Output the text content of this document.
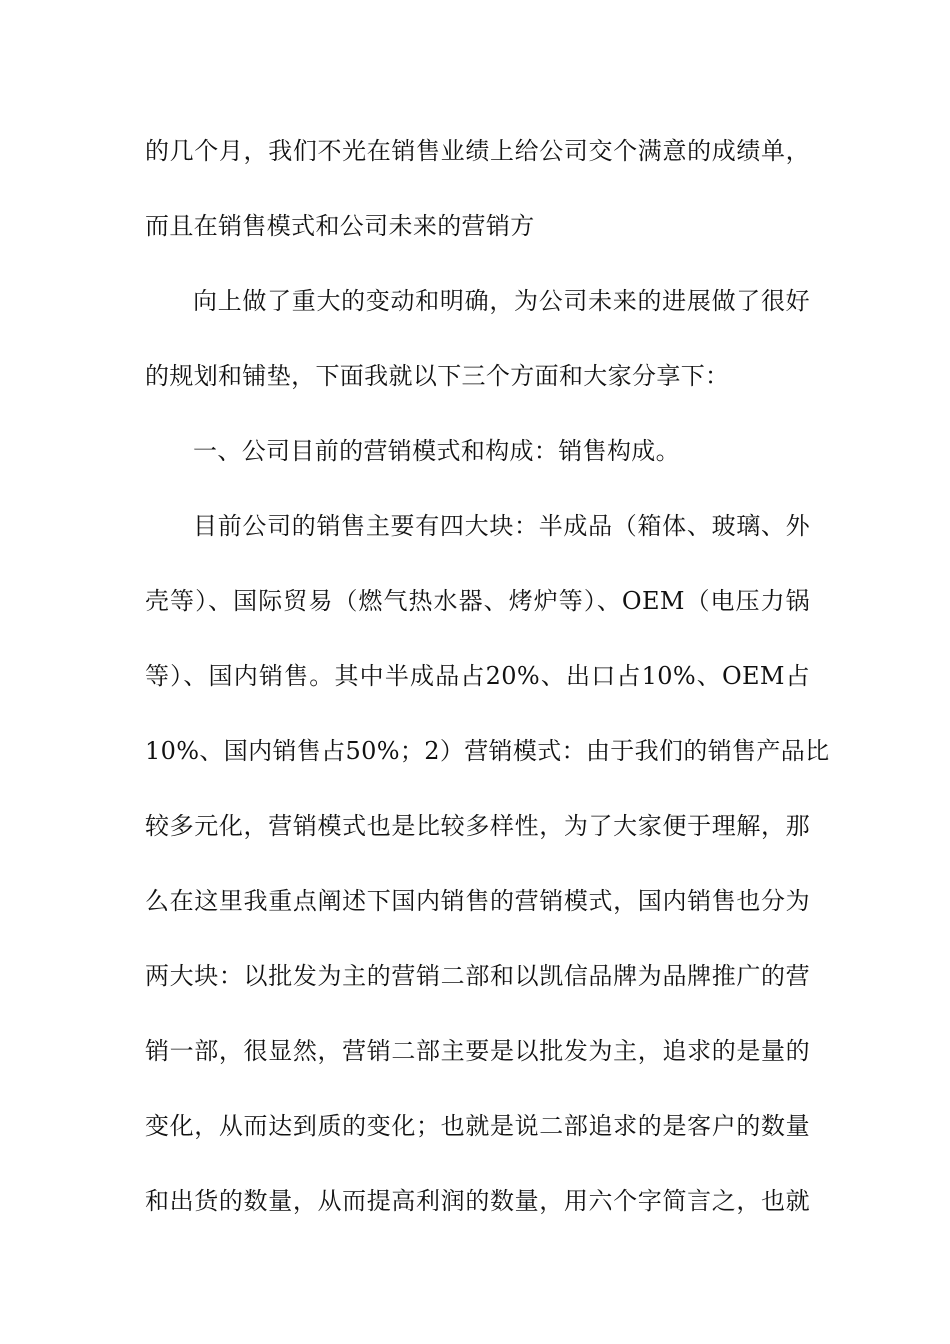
的几个月，我们不光在销售业绩上给公司交个满意的成绩单，
而且在销售模式和公司未来的营销方
向上做了重大的变动和明确，为公司未来的进展做了很好
的规划和铺垫，下面我就以下三个方面和大家分享下：
一、公司目前的营销模式和构成：销售构成。
目前公司的销售主要有四大块：半成品（箱体、玻璃、外
壳等）、国际贸易（燃气热水器、烤炉等）、OEM（电压力锅
等）、国内销售。其中半成品占20%、出口占10%、OEM占
10%、国内销售占50%；2）营销模式：由于我们的销售产品比
较多元化，营销模式也是比较多样性，为了大家便于理解，那
么在这里我重点阐述下国内销售的营销模式，国内销售也分为
两大块：以批发为主的营销二部和以凯信品牌为品牌推广的营
销一部，很显然，营销二部主要是以批发为主，追求的是量的
变化，从而达到质的变化；也就是说二部追求的是客户的数量
和出货的数量，从而提高利润的数量，用六个字简言之，也就
